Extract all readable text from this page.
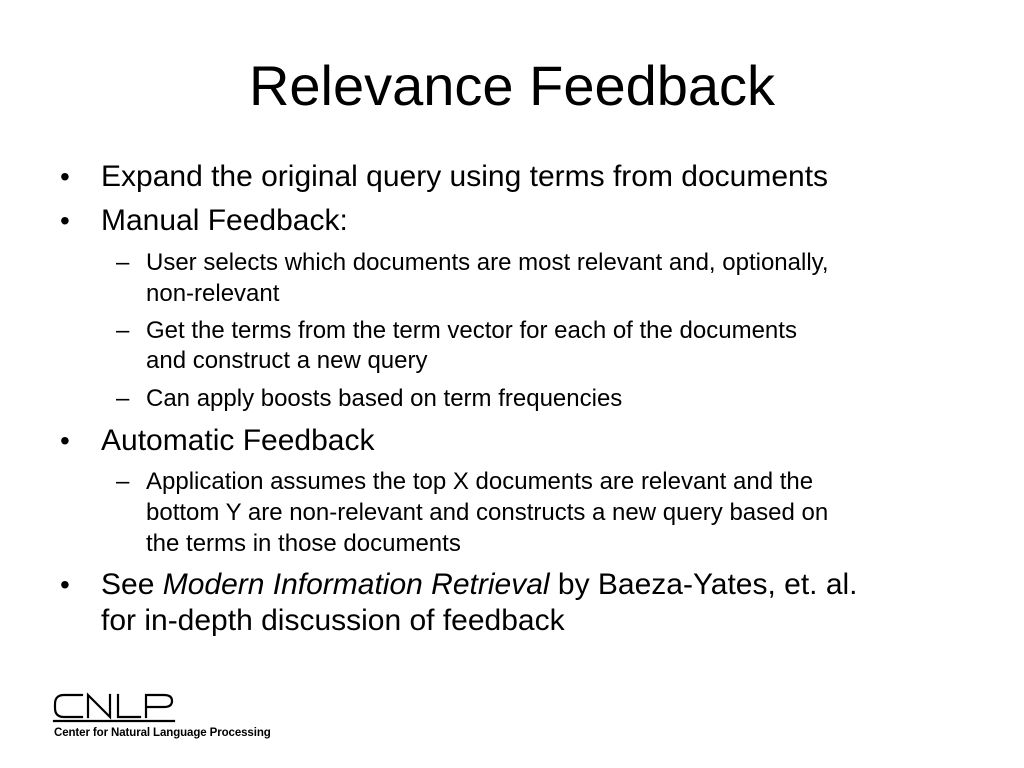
Relevance Feedback
• Expand the original query using terms from documents
• Manual Feedback:
– User selects which documents are most relevant and, optionally,
non-relevant
– Get the terms from the term vector for each of the documents
and construct a new query
– Can apply boosts based on term frequencies
• Automatic Feedback
– Application assumes the top X documents are relevant and the
bottom Y are non-relevant and constructs a new query based on
the terms in those documents
• See Modern Information Retrieval by Baeza-Yates, et. al.
for in-depth discussion of feedback
Center for Natural Language Processing
